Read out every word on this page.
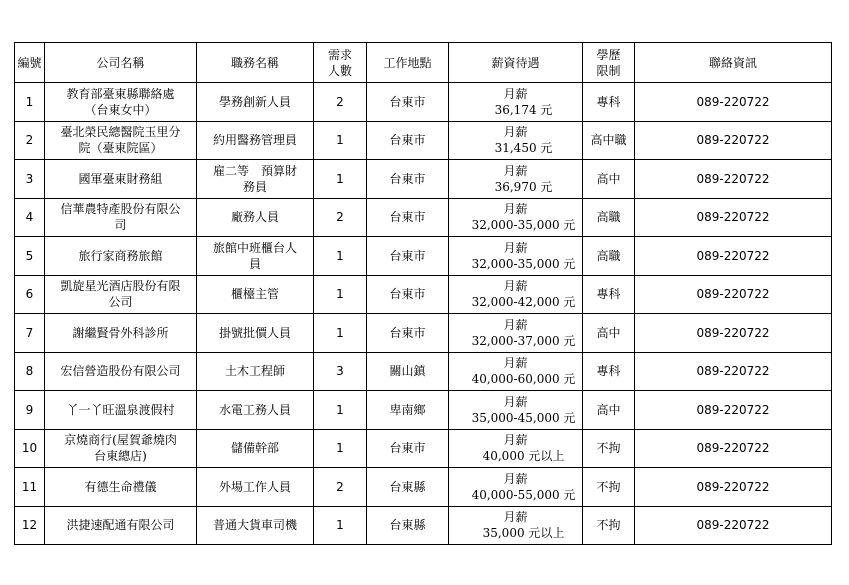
編號	公司名稱	職務名稱	需求
人數	工作地點	薪資待遇	學歷
限制	聯絡資訊
1	教育部臺東縣聯絡處
（台東女中）	學務創新人員	2	台東市	月薪
36,174 元	專科	089-220722
2	臺北榮民總醫院玉里分
院（臺東院區）	約用醫務管理員	1	台東市	月薪
31,450 元	高中職	089-220722
3	國軍臺東財務組	雇二等　預算財
務員	1	台東市	月薪
36,970 元	高中	089-220722
4	信華農特產股份有限公
司	廠務人員	2	台東市	月薪
32,000-35,000 元	高職	089-220722
5	旅行家商務旅館	旅館中班櫃台人
員	1	台東市	月薪
32,000-35,000 元	高職	089-220722
6	凱旋星光酒店股份有限
公司	櫃檯主管	1	台東市	月薪
32,000-42,000 元	專科	089-220722
7	謝繼賢骨外科診所	掛號批價人員	1	台東市	月薪
32,000-37,000 元	高中	089-220722
8	宏信營造股份有限公司	土木工程師	3	關山鎮	月薪
40,000-60,000 元	專科	089-220722
9	丫一丫旺溫泉渡假村	水電工務人員	1	卑南鄉	月薪
35,000-45,000 元	高中	089-220722
10	京燒商行(屋賀爺燒肉
台東總店)	儲備幹部	1	台東市	月薪
40,000 元以上	不拘	089-220722
11	有德生命禮儀	外場工作人員	2	台東縣	月薪
40,000-55,000 元	不拘	089-220722
12	洪捷速配通有限公司	普通大貨車司機	1	台東縣	月薪
35,000 元以上	不拘	089-220722
